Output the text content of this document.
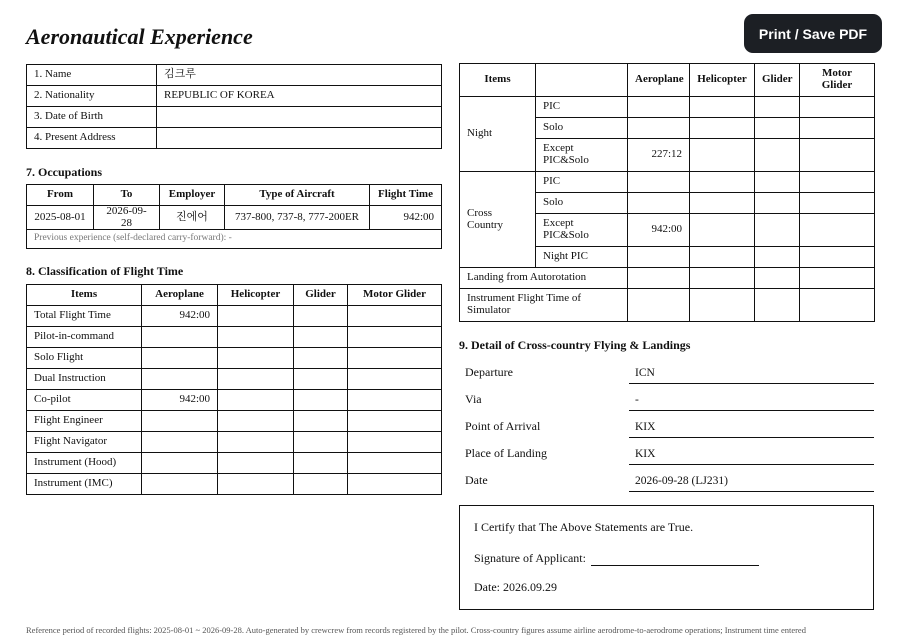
Aeronautical Experience	Print / Save PDF
1. Name	김크루
2. Nationality	REPUBLIC OF KOREA
3. Date of Birth	
4. Present Address	
7. Occupations
From	To	Employer	Type of Aircraft	Flight Time
2025-08-01	2026-09-28	진에어	737-800, 737-8, 777-200ER	942:00
Previous experience (self-declared carry-forward): -				
8. Classification of Flight Time
Items	Aeroplane	Helicopter	Glider	Motor Glider
Total Flight Time	942:00			
Pilot-in-command				
Solo Flight				
Dual Instruction				
Co-pilot	942:00			
Flight Engineer				
Flight Navigator				
Instrument (Hood)				
Instrument (IMC)				
Items		Aeroplane	Helicopter	Glider	Motor Glider
Night	PIC				
	Solo				
	Except PIC&Solo	227:12			
Cross Country	PIC				
	Solo				
	Except PIC&Solo	942:00			
	Night PIC				
Landing from Autorotation					
Instrument Flight Time of Simulator					
9. Detail of Cross-country Flying & Landings
Departure	ICN
Via	-
Point of Arrival	KIX
Place of Landing	KIX
Date	2026-09-28 (LJ231)
I Certify that The Above Statements are True.
Signature of Applicant:
Date: 2026.09.29
Reference period of recorded flights: 2025-08-01 ~ 2026-09-28. Auto-generated by crewcrew from records registered by the pilot. Cross-country figures assume airline aerodrome-to-aerodrome operations; Instrument time entered
